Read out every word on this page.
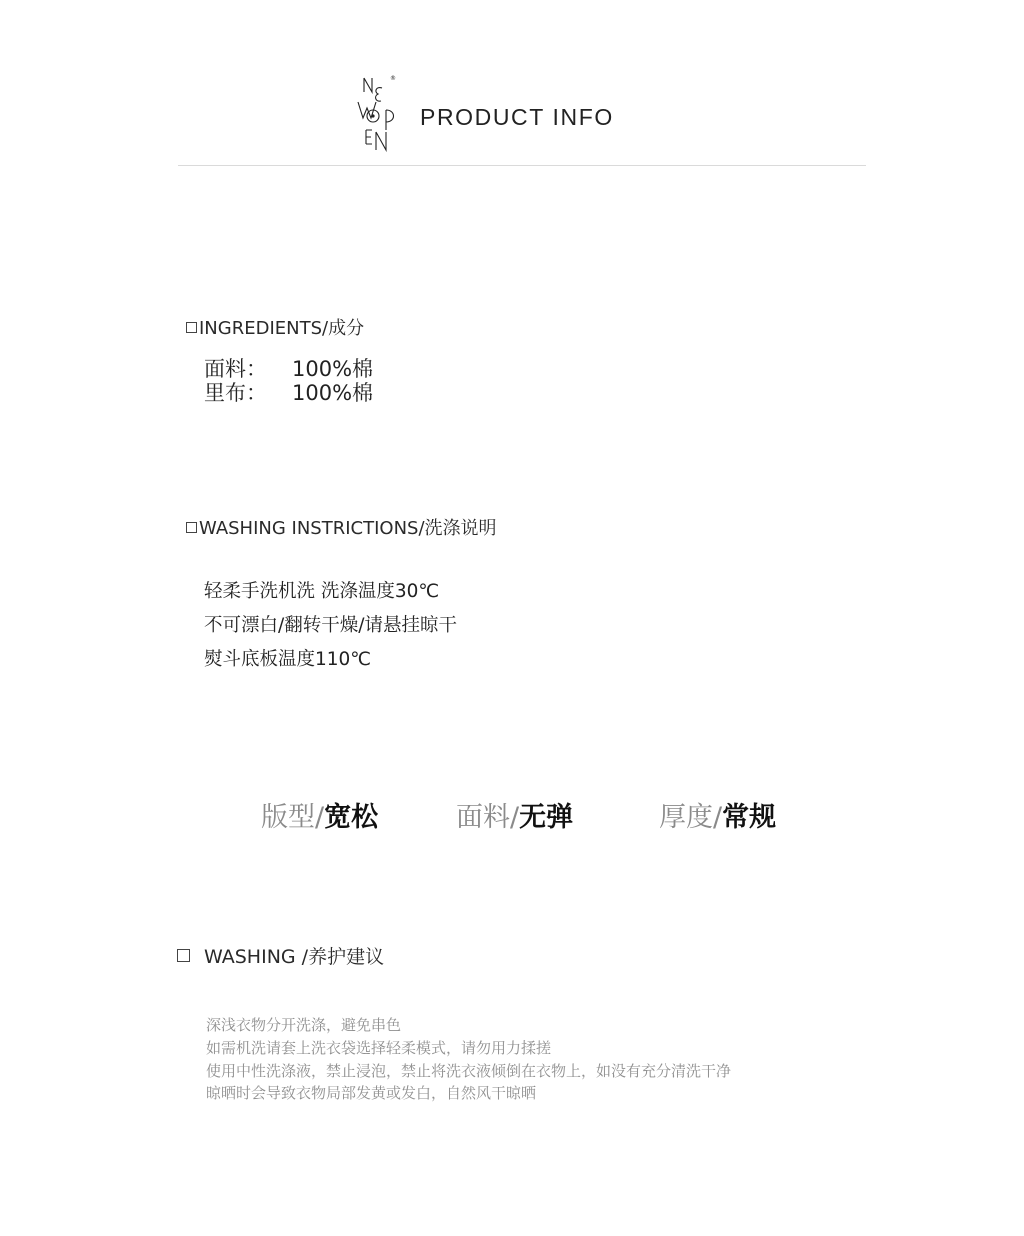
®
PRODUCT INFO
INGREDIENTS/成分
面料： 100%棉
里布： 100%棉
WASHING INSTRICTIONS/洗涤说明
轻柔手洗机洗 洗涤温度30℃
不可漂白/翻转干燥/请悬挂晾干
熨斗底板温度110℃
版型/宽松	面料/无弹	厚度/常规
WASHING /养护建议
深浅衣物分开洗涤，避免串色
如需机洗请套上洗衣袋选择轻柔模式，请勿用力揉搓
使用中性洗涤液，禁止浸泡，禁止将洗衣液倾倒在衣物上，如没有充分清洗干净
晾晒时会导致衣物局部发黄或发白，自然风干晾晒
